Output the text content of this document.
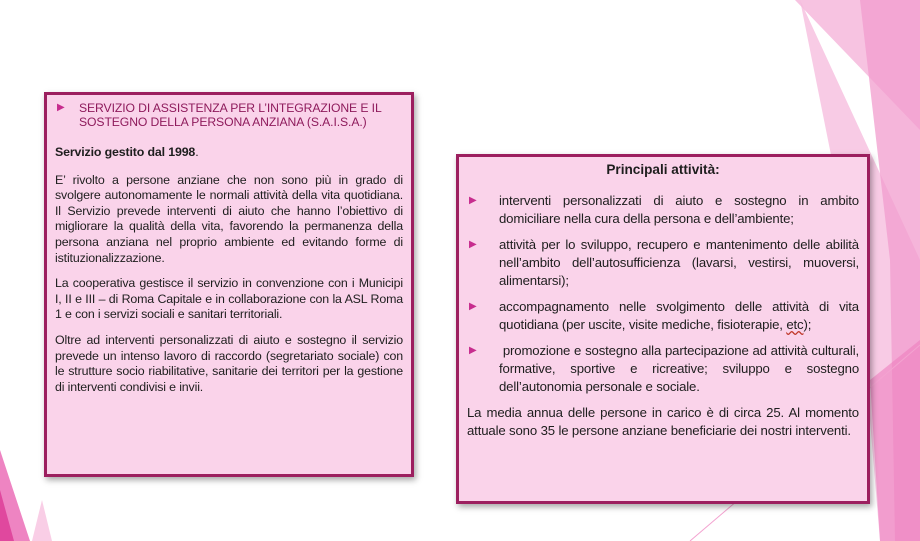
▶	SERVIZIO DI ASSISTENZA PER L’INTEGRAZIONE E IL SOSTEGNO DELLA PERSONA ANZIANA (S.A.I.S.A.)

Servizio gestito dal 1998.

E’ rivolto a persone anziane che non sono più in grado di svolgere autonomamente le normali attività della vita quotidiana. Il Servizio prevede interventi di aiuto che hanno l’obiettivo di migliorare la qualità della vita, favorendo la permanenza della persona anziana nel proprio ambiente ed evitando forme di istituzionalizzazione.

La cooperativa gestisce il servizio in convenzione con i Municipi I, II e III – di Roma Capitale e in collaborazione con la ASL Roma 1 e con i servizi sociali e sanitari territoriali.

Oltre ad interventi personalizzati di aiuto e sostegno il servizio prevede un intenso lavoro di raccordo (segretariato sociale) con le strutture socio riabilitative, sanitarie dei territori per la gestione di interventi condivisi e invii.

Principali attività:
▶	interventi personalizzati di aiuto e sostegno in ambito domiciliare nella cura della persona e dell’ambiente;

▶	attività per lo sviluppo, recupero e mantenimento delle abilità nell’ambito dell’autosufficienza (lavarsi, vestirsi, muoversi, alimentarsi);

▶	accompagnamento nelle svolgimento delle attività di vita quotidiana (per uscite, visite mediche, fisioterapie, etc);

▶	promozione e sostegno alla partecipazione ad attività culturali, formative, sportive e ricreative; sviluppo e sostegno dell’autonomia personale e sociale.

La media annua delle persone in carico è di circa 25. Al momento attuale sono 35 le persone anziane beneficiarie dei nostri interventi.
